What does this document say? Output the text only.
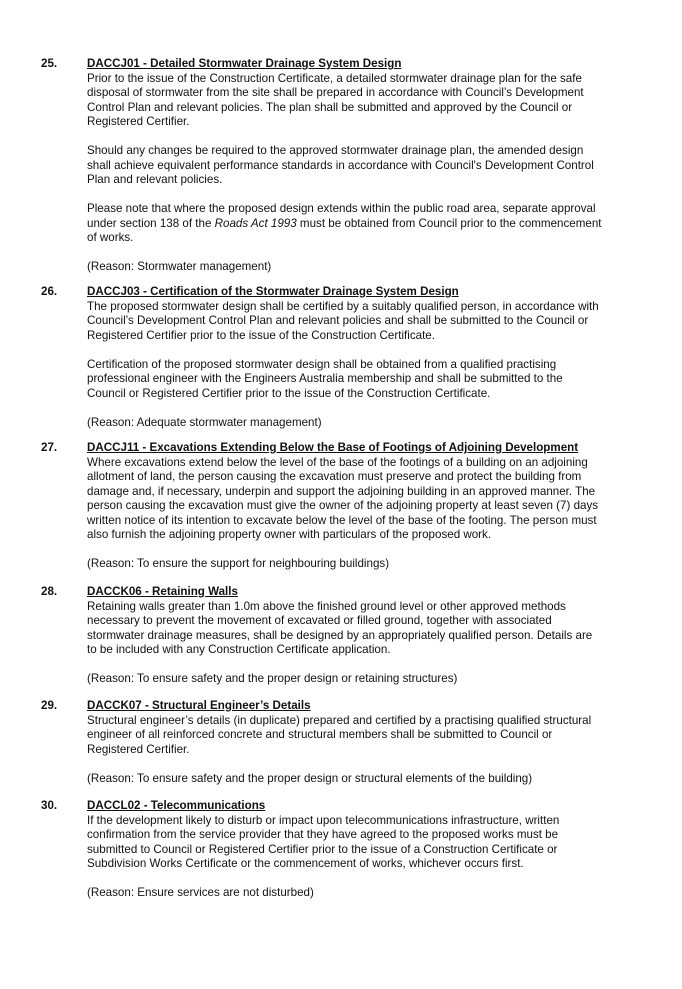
25.	DACCJ01 - Detailed Stormwater Drainage System Design
Prior to the issue of the Construction Certificate, a detailed stormwater drainage plan for the safe
disposal of stormwater from the site shall be prepared in accordance with Council’s Development
Control Plan and relevant policies. The plan shall be submitted and approved by the Council or
Registered Certifier.
Should any changes be required to the approved stormwater drainage plan, the amended design
shall achieve equivalent performance standards in accordance with Council's Development Control
Plan and relevant policies.
Please note that where the proposed design extends within the public road area, separate approval
under section 138 of the Roads Act 1993 must be obtained from Council prior to the commencement
of works.
(Reason: Stormwater management)
26.	DACCJ03 - Certification of the Stormwater Drainage System Design
The proposed stormwater design shall be certified by a suitably qualified person, in accordance with
Council’s Development Control Plan and relevant policies and shall be submitted to the Council or
Registered Certifier prior to the issue of the Construction Certificate.
Certification of the proposed stormwater design shall be obtained from a qualified practising
professional engineer with the Engineers Australia membership and shall be submitted to the
Council or Registered Certifier prior to the issue of the Construction Certificate.
(Reason: Adequate stormwater management)
27.	DACCJ11 - Excavations Extending Below the Base of Footings of Adjoining Development
Where excavations extend below the level of the base of the footings of a building on an adjoining
allotment of land, the person causing the excavation must preserve and protect the building from
damage and, if necessary, underpin and support the adjoining building in an approved manner. The
person causing the excavation must give the owner of the adjoining property at least seven (7) days
written notice of its intention to excavate below the level of the base of the footing. The person must
also furnish the adjoining property owner with particulars of the proposed work.
(Reason: To ensure the support for neighbouring buildings)
28.	DACCK06 - Retaining Walls
Retaining walls greater than 1.0m above the finished ground level or other approved methods
necessary to prevent the movement of excavated or filled ground, together with associated
stormwater drainage measures, shall be designed by an appropriately qualified person. Details are
to be included with any Construction Certificate application.
(Reason: To ensure safety and the proper design or retaining structures)
29.	DACCK07 - Structural Engineer’s Details
Structural engineer’s details (in duplicate) prepared and certified by a practising qualified structural
engineer of all reinforced concrete and structural members shall be submitted to Council or
Registered Certifier.
(Reason: To ensure safety and the proper design or structural elements of the building)
30.	DACCL02 - Telecommunications
If the development likely to disturb or impact upon telecommunications infrastructure, written
confirmation from the service provider that they have agreed to the proposed works must be
submitted to Council or Registered Certifier prior to the issue of a Construction Certificate or
Subdivision Works Certificate or the commencement of works, whichever occurs first.
(Reason: Ensure services are not disturbed)
